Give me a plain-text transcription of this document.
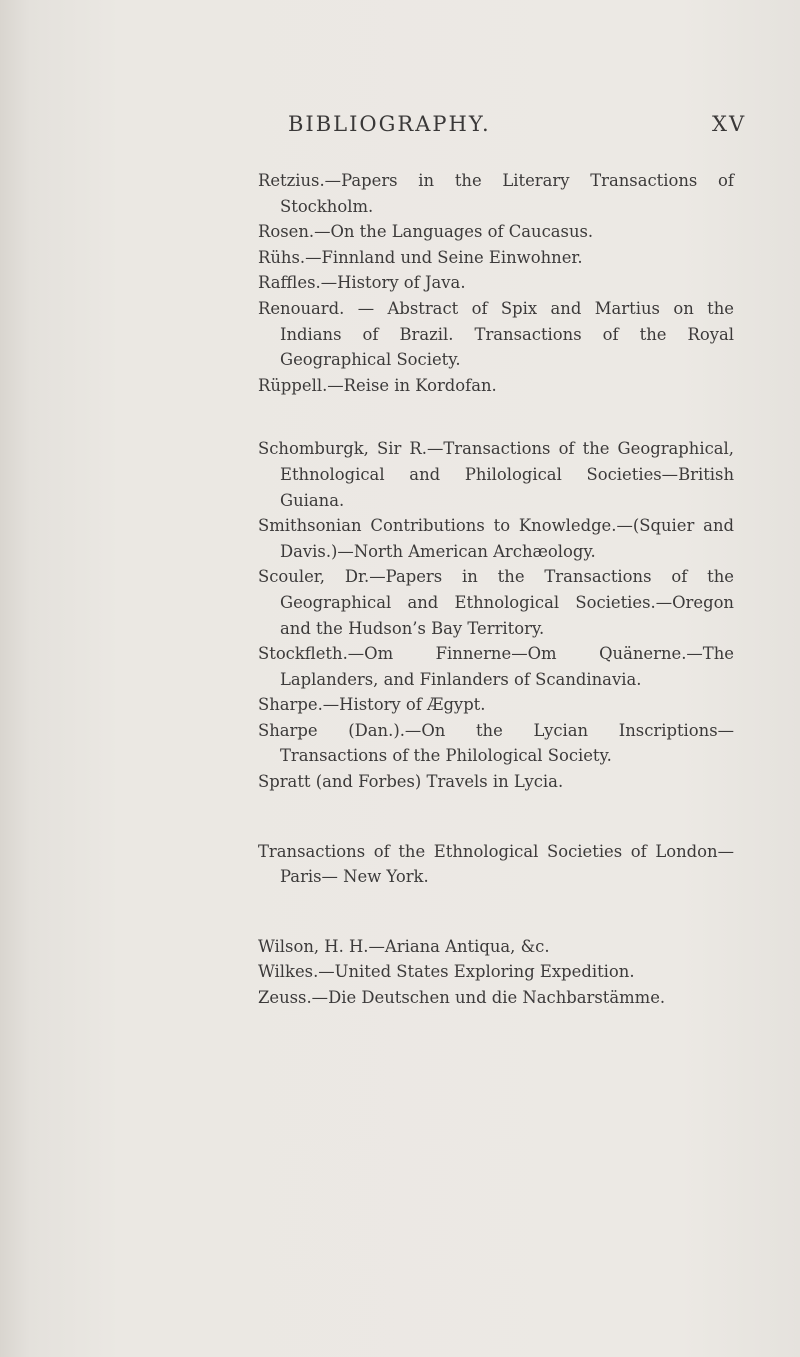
BIBLIOGRAPHY.	XV
Retzius.—Papers in the Literary Transactions of Stockholm.
Rosen.—On the Languages of Caucasus.
Rühs.—Finnland und Seine Einwohner.
Raffles.—History of Java.
Renouard. — Abstract of Spix and Martius on the Indians of Brazil. Transactions of the Royal Geographical Society.
Rüppell.—Reise in Kordofan.
Schomburgk, Sir R.—Transactions of the Geographical, Ethnological and Philological Societies—British Guiana.
Smithsonian Contributions to Knowledge.—(Squier and Davis.)—North American Archæology.
Scouler, Dr.—Papers in the Transactions of the Geographical and Ethnological Societies.—Oregon and the Hudson’s Bay Territory.
Stockfleth.—Om Finnerne—Om Quänerne.—The Laplanders, and Finlanders of Scandinavia.
Sharpe.—History of Ægypt.
Sharpe (Dan.).—On the Lycian Inscriptions—Transactions of the Philological Society.
Spratt (and Forbes) Travels in Lycia.
Transactions of the Ethnological Societies of London— Paris— New York.
Wilson, H. H.—Ariana Antiqua, &c.
Wilkes.—United States Exploring Expedition.
Zeuss.—Die Deutschen und die Nachbarstämme.
